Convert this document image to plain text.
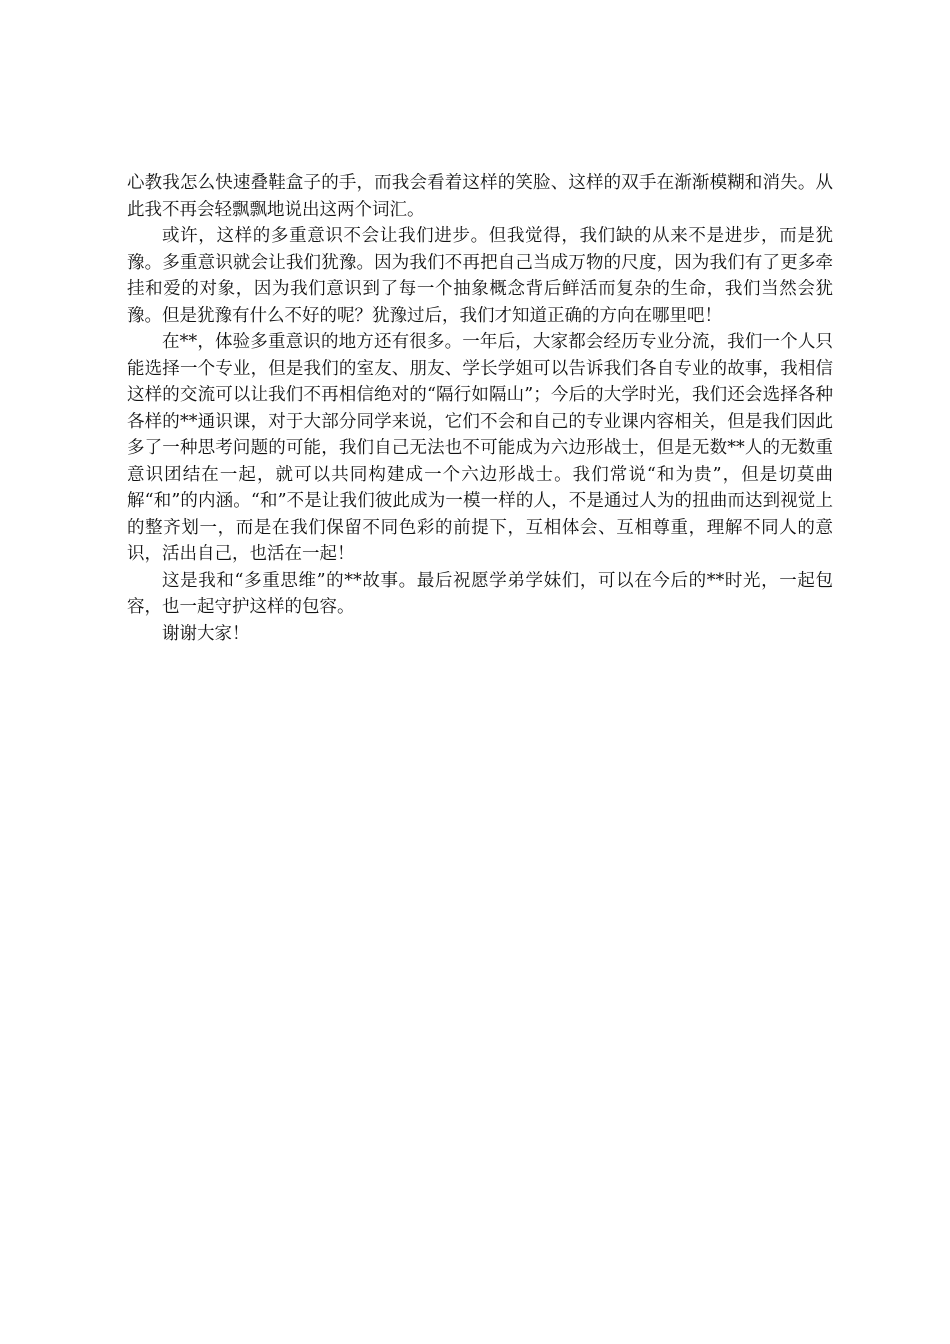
心教我怎么快速叠鞋盒子的手，而我会看着这样的笑脸、这样的双手在渐渐模糊和消失。从此我不再会轻飘飘地说出这两个词汇。

或许，这样的多重意识不会让我们进步。但我觉得，我们缺的从来不是进步，而是犹豫。多重意识就会让我们犹豫。因为我们不再把自己当成万物的尺度，因为我们有了更多牵挂和爱的对象，因为我们意识到了每一个抽象概念背后鲜活而复杂的生命，我们当然会犹豫。但是犹豫有什么不好的呢？犹豫过后，我们才知道正确的方向在哪里吧！

在**，体验多重意识的地方还有很多。一年后，大家都会经历专业分流，我们一个人只能选择一个专业，但是我们的室友、朋友、学长学姐可以告诉我们各自专业的故事，我相信这样的交流可以让我们不再相信绝对的“隔行如隔山”；今后的大学时光，我们还会选择各种各样的**通识课，对于大部分同学来说，它们不会和自己的专业课内容相关，但是我们因此多了一种思考问题的可能，我们自己无法也不可能成为六边形战士，但是无数**人的无数重意识团结在一起，就可以共同构建成一个六边形战士。我们常说“和为贵”，但是切莫曲解“和”的内涵。“和”不是让我们彼此成为一模一样的人，不是通过人为的扭曲而达到视觉上的整齐划一，而是在我们保留不同色彩的前提下，互相体会、互相尊重，理解不同人的意识，活出自己，也活在一起！

这是我和“多重思维”的**故事。最后祝愿学弟学妹们，可以在今后的**时光，一起包容，也一起守护这样的包容。

谢谢大家！
